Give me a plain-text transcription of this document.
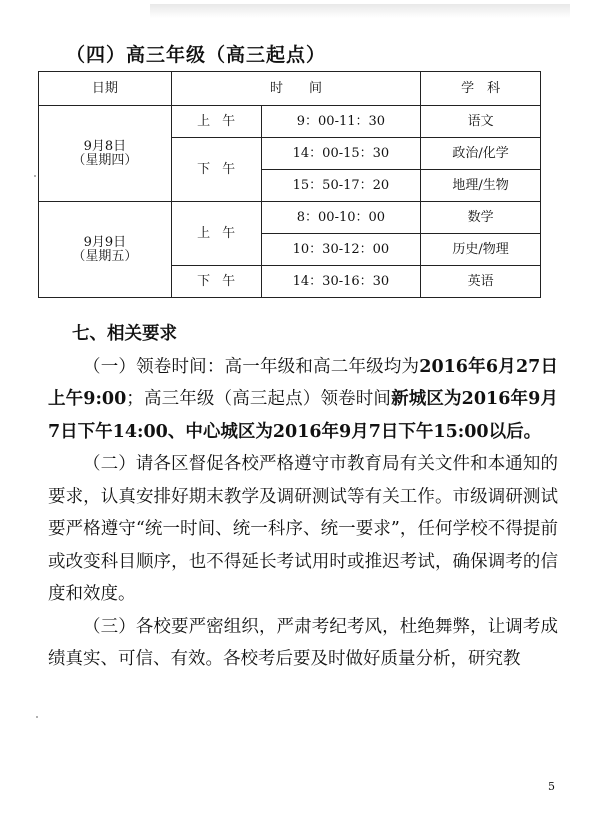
（四）高三年级（高三起点）
日期	时　　间		学　科

9月8日
（星期四）	上午	9：00-11：30	语文
	下午	14：00-15：30	政治/化学
		15：50-17：20	地理/生物

9月9日
（星期五）	上午	8：00-10：00	数学
		10：30-12：00	历史/物理
	下午	14：30-16：30	英语
七、相关要求

（一）领卷时间：高一年级和高二年级均为2016年6月27日上午9:00；高三年级（高三起点）领卷时间新城区为2016年9月7日下午14:00、中心城区为2016年9月7日下午15:00以后。

（二）请各区督促各校严格遵守市教育局有关文件和本通知的要求，认真安排好期末教学及调研测试等有关工作。市级调研测试要严格遵守“统一时间、统一科序、统一要求”，任何学校不得提前或改变科目顺序，也不得延长考试用时或推迟考试，确保调考的信度和效度。

（三）各校要严密组织，严肃考纪考风，杜绝舞弊，让调考成绩真实、可信、有效。各校考后要及时做好质量分析，研究教

5
